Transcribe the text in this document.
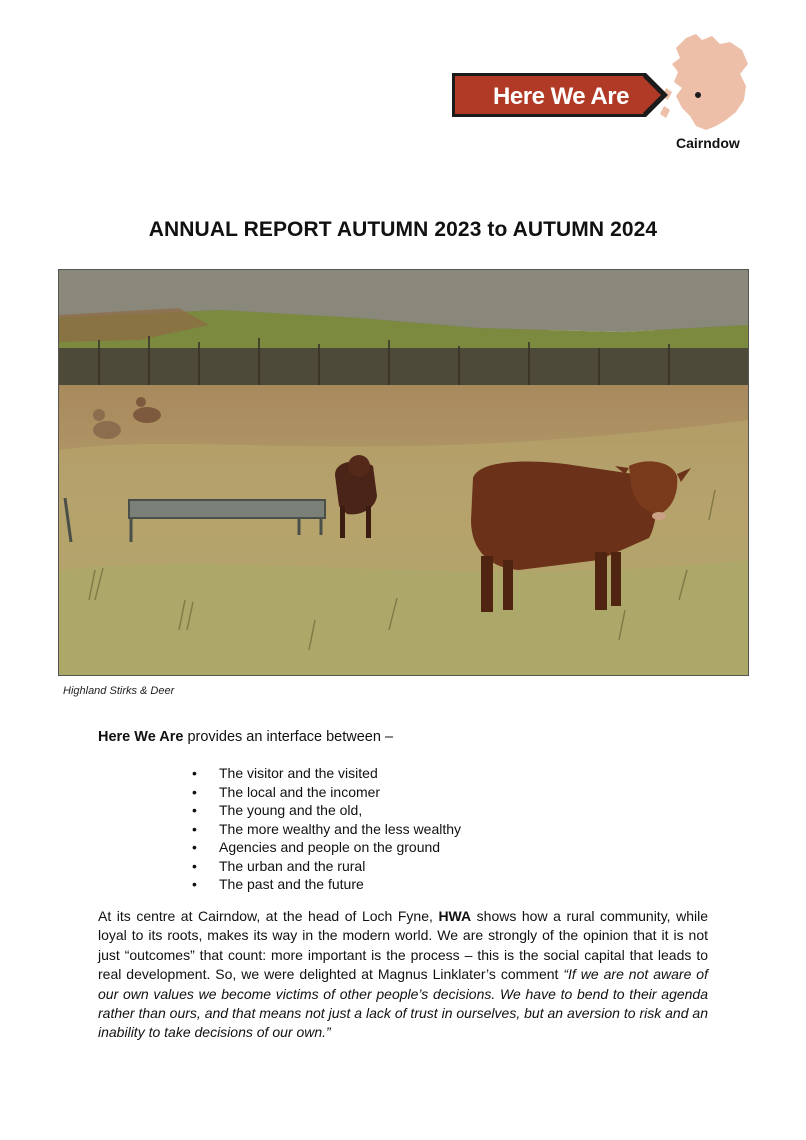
Here We Are
Cairndow
ANNUAL REPORT AUTUMN 2023 to AUTUMN 2024
Highland Stirks & Deer
Here We Are provides an interface between –
• The visitor and the visited
• The local and the incomer
• The young and the old,
• The more wealthy and the less wealthy
• Agencies and people on the ground
• The urban and the rural
• The past and the future
At its centre at Cairndow, at the head of Loch Fyne, HWA shows how a rural community, while loyal to its roots, makes its way in the modern world. We are strongly of the opinion that it is not just “outcomes” that count: more important is the process – this is the social capital that leads to real development. So, we were delighted at Magnus Linklater’s comment “If we are not aware of our own values we become victims of other people’s decisions. We have to bend to their agenda rather than ours, and that means not just a lack of trust in ourselves, but an aversion to risk and an inability to take decisions of our own.”
